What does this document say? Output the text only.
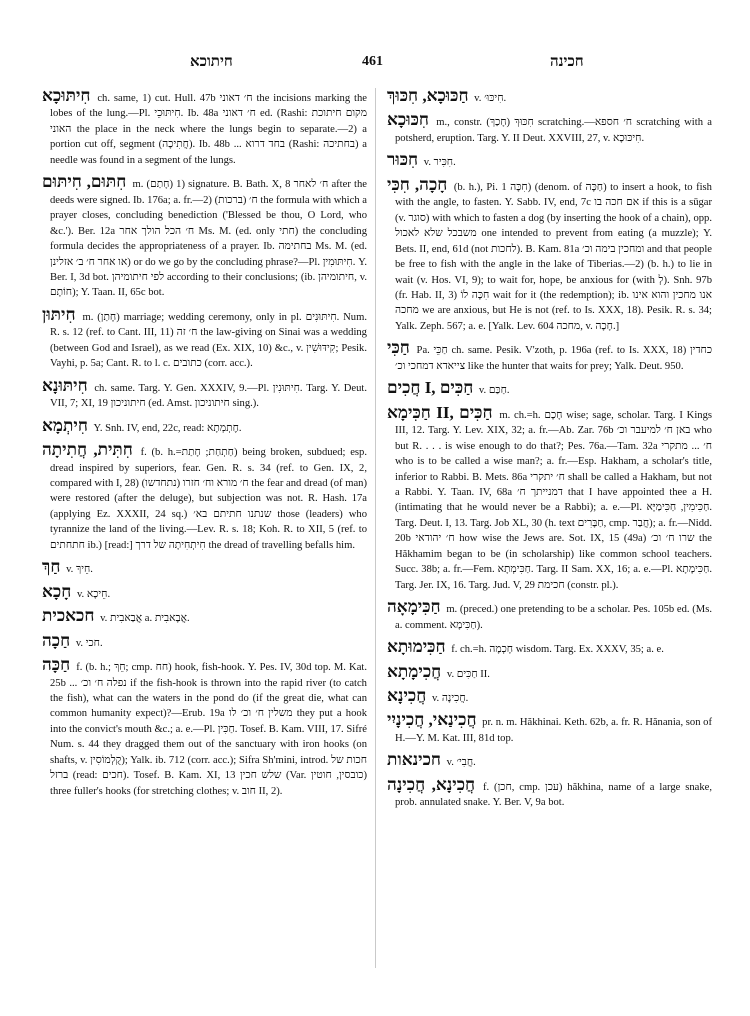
חיתוכא	461	חכינה

חִיתּוּכָא ch. same, 1) cut. Hull. 47b ח׳ דאוני the incisions marking the lobes of the lung.—Pl. חִיתּוּכֵי. Ib. 48a ח׳ דאוני ed. (Rashi: מקום חיתוכת האוני the place in the neck where the lungs begin to separate.—2) a portion cut off, segment (חֲתִיכָה). Ib. 48b ... בחד דרוא (Rashi: בחתיכה) a needle was found in a segment of the lungs.

חִתּוּם, חִיתּוּם m. (חָתַם) 1) signature. B. Bath. X, 8 ח׳ לאחר after the deeds were signed. Ib. 176a; a. fr.—2) (ברכות) ח׳ the formula with which a prayer closes, concluding benediction ('Blessed be thou, O Lord, who &c.'). Ber. 12a ח׳ הכל הולך אחר Ms. M. (ed. only חתי) the concluding formula decides the appropriateness of a prayer. Ib. בחתימה Ms. M. (ed. או אחר ח׳ ב׳ אזלינן) or do we go by the concluding phrase?—Pl. חִיתּוּמִין. Y. Ber. I, 3d bot. לפי חיתומיהן according to their conclusions; (ib. חיתומיהן, v. חוֹתָם); Y. Taan. II, 65c bot.

חִיתּוּן m. (חָתַן) marriage; wedding ceremony, only in pl. חִיתּוּנִים. Num. R. s. 12 (ref. to Cant. III, 11) ח׳ זה the law-giving on Sinai was a wedding (between God and Israel), as we read (Ex. XIX, 10) &c., v. קִידּוּשִׁין; Pesik. Vayhi, p. 5a; Cant. R. to l. c. כתובים (corr. acc.).

חִיתּוּנָא ch. same. Targ. Y. Gen. XXXIV, 9.—Pl. חִיתּוּנִין. Targ. Y. Deut. VII, 7; XI, 19 חיתוניכון (ed. Amst. חיתוניכון sing.).

חִיתְמָא Y. Snh. IV, end, 22c, read: חֶתְמְתָא.

חִתִּית, חֲתִיתָה f. (b. h.=חַתְחַת; חָתַת) being broken, subdued; esp. dread inspired by superiors, fear. Gen. R. s. 34 (ref. to Gen. IX, 2, compared with I, 28) ח׳ מורא וח׳ חזרו (נתחדשו) the fear and dread (of man) were restored (after the deluge), but subjection was not. R. Hash. 17a (applying Ez. XXXII, 24 sq.) שנתנו חתיתם בא׳ those (leaders) who tyrannize the land of the living.—Lev. R. s. 18; Koh. R. to XII, 5 (ref. to חתחתים ib.) [read:] חִיתְחִיתָה של דרך the dread of travelling befalls him.

חַךְ v. חֵיךְ.

חָכָא v. חֵיכָא.

חכאכית v. אֲבַאבִית a. אֲבָאבִית.

חַכָה v. חכי.

חַכָּה f. (b. h.; חֵךְ; cmp. חח) hook, fish-hook. Y. Pes. IV, 30d top. M. Kat. 25b ... נפלה ח׳ וכ׳ if the fish-hook is thrown into the rapid river (to catch the fish), what can the waters in the pond do (if the great die, what can common humanity expect)?—Erub. 19a משלין ח׳ וכ׳ לו they put a hook into the convict's mouth &c.; a. e.—Pl. חַכִּין. Tosef. B. Kam. VIII, 17. Sifré Num. s. 44 they dragged them out of the sanctuary with iron hooks (on shafts, v. קֻלְמוֹסִין); Yalk. ib. 712 (corr. acc.); Sifra Sh'mini, introd. חכות של ברזל (read: חכים). Tosef. B. Kam. XI, 13 שלש חכין (Var. כובסין, חוטין) three fuller's hooks (for stretching clothes; v. חוב II, 2).

חַכּוּכָא, חִכּוּךְ v. חִיכּוּ׳.

חִכּוּכָא m., constr. חִכּוּךְ (חָכַךְ) scratching.—ח׳ חספא scratching with a potsherd, eruption. Targ. Y. II Deut. XXVIII, 27, v. חִיכּוּכָא.

חִכּוּר v. חִכִּיר.

חָכָה, חִכִּי (b. h.), Pi. חִכָּה 1) (denom. of חַכָּה) to insert a hook, to fish with the angle, to fasten. Y. Sabb. IV, end, 7c אם חכה בו if this is a sūgar (v. סוגר) with which to fasten a dog (by inserting the hook of a chain), opp. משבכל שלא לאכול one intended to prevent from eating (a muzzle); Y. Bets. II, end, 61d (not לחכות). B. Kam. 81a ומחכין בימה וכ׳ and that people be free to fish with the angle in the lake of Tiberias.—2) (b. h.) to lie in wait (v. Hos. VI, 9); to wait for, hope, be anxious for (with לְ). Snh. 97b (fr. Hab. II, 3) חִכָּה לוֹ wait for it (the redemption); ib. אנו מחכין והוא אינו מחכה we are anxious, but He is not (ref. to Is. XXX, 18). Pesik. R. s. 34; Yalk. Zeph. 567; a. e. [Yalk. Lev. 604 מחכה, v. חָכָה.]

חַכִּי Pa. חַכֵּי ch. same. Pesik. V'zoth, p. 196a (ref. to Is. XXX, 18) כחדין צייאדא דמחכי וכ׳ like the hunter that waits for prey; Yalk. Deut. 950.

חֲכִים I, חַכִּים v. חַכַּם.

חַכִּימָא II, חַכִּים m. ch.=h. חָכָם wise; sage, scholar. Targ. I Kings III, 12. Targ. Y. Lev. XIX, 32; a. fr.—Ab. Zar. 76b באן ח׳ למיעבר וכ׳ who but R. . . . is wise enough to do that?; Pes. 76a.—Tam. 32a ח׳ ... מתקרי who is to be called a wise man?; a. fr.—Esp. Hakham, a scholar's title, inferior to Rabbi. B. Mets. 86a ח׳ יתקרי shall be called a Hakham, but not a Rabbi. Y. Taan. IV, 68a דמנייתך ח׳ that I have appointed thee a H. (intimating that he would never be a Rabbi); a. e.—Pl. חַכִּימִין, חַכִּימַיָּא. Targ. Deut. I, 13. Targ. Job XL, 30 (h. text חַבָּרִים, cmp. חֲבַר); a. fr.—Nidd. 20b ח׳ יהודאי how wise the Jews are. Sot. IX, 15 (49a) שרו ח׳ וכ׳ the Hăkhamim began to be (in scholarship) like common school teachers. Succ. 38b; a. fr.—Fem. חַכִּימְתָא. Targ. II Sam. XX, 16; a. e.—Pl. חַכִּימָתָא. Targ. Jer. IX, 16. Targ. Jud. V, 29 חכימת (constr. pl.).

חַכִּימָאָה m. (preced.) one pretending to be a scholar. Pes. 105b ed. (Ms. a. comment. חַכִּימָא).

חַכִּימוּתָא f. ch.=h. חָכְמָה wisdom. Targ. Ex. XXXV, 35; a. e.

חֲכִימָתָא v. חַכִּים II.

חֲכִינָא v. חֲכִינָה.

חֲכִינַאי, חֲכִינָיִי pr. n. m. Hăkhinai. Keth. 62b, a. fr. R. Hănania, son of H.—Y. M. Kat. III, 81d top.

חכינאות v. חֲבִי׳.

חֲכִינָא, חֲכִינָה f. (חכן, cmp. עכן) hăkhina, name of a large snake, prob. annulated snake. Y. Ber. V, 9a bot.
